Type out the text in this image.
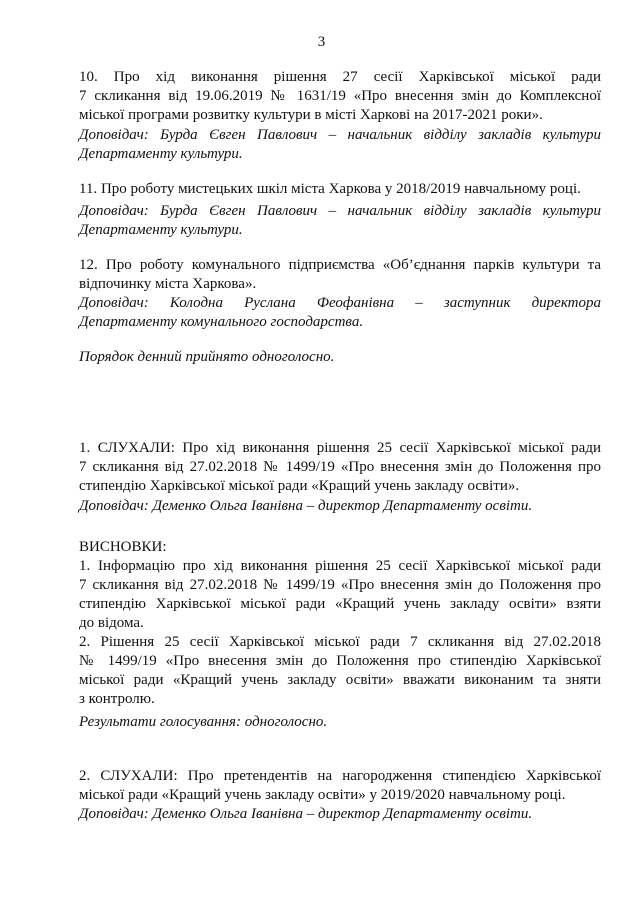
3
10. Про хід виконання рішення 27 сесії Харківської міської ради
7 скликання від 19.06.2019 № 1631/19 «Про внесення змін до Комплексної
міської програми розвитку культури в місті Харкові на 2017-2021 роки».
Доповідач: Бурда Євген Павлович – начальник відділу закладів культури
Департаменту культури.
11. Про роботу мистецьких шкіл міста Харкова у 2018/2019 навчальному році.
Доповідач: Бурда Євген Павлович – начальник відділу закладів культури
Департаменту культури.
12. Про роботу комунального підприємства «Об’єднання парків культури та
відпочинку міста Харкова».
Доповідач: Колодна Руслана Феофанівна – заступник директора
Департаменту комунального господарства.
Порядок денний прийнято одноголосно.
1. СЛУХАЛИ: Про хід виконання рішення 25 сесії Харківської міської ради
7 скликання від 27.02.2018 № 1499/19 «Про внесення змін до Положення про
стипендію Харківської міської ради «Кращий учень закладу освіти».
Доповідач: Деменко Ольга Іванівна – директор Департаменту освіти.
ВИСНОВКИ:
1. Інформацію про хід виконання рішення 25 сесії Харківської міської ради
7 скликання від 27.02.2018 № 1499/19 «Про внесення змін до Положення про
стипендію Харківської міської ради «Кращий учень закладу освіти» взяти
до відома.
2. Рішення 25 сесії Харківської міської ради 7 скликання від 27.02.2018
№ 1499/19 «Про внесення змін до Положення про стипендію Харківської
міської ради «Кращий учень закладу освіти» вважати виконаним та зняти
з контролю.
Результати голосування: одноголосно.
2. СЛУХАЛИ: Про претендентів на нагородження стипендією Харківської
міської ради «Кращий учень закладу освіти» у 2019/2020 навчальному році.
Доповідач: Деменко Ольга Іванівна – директор Департаменту освіти.
